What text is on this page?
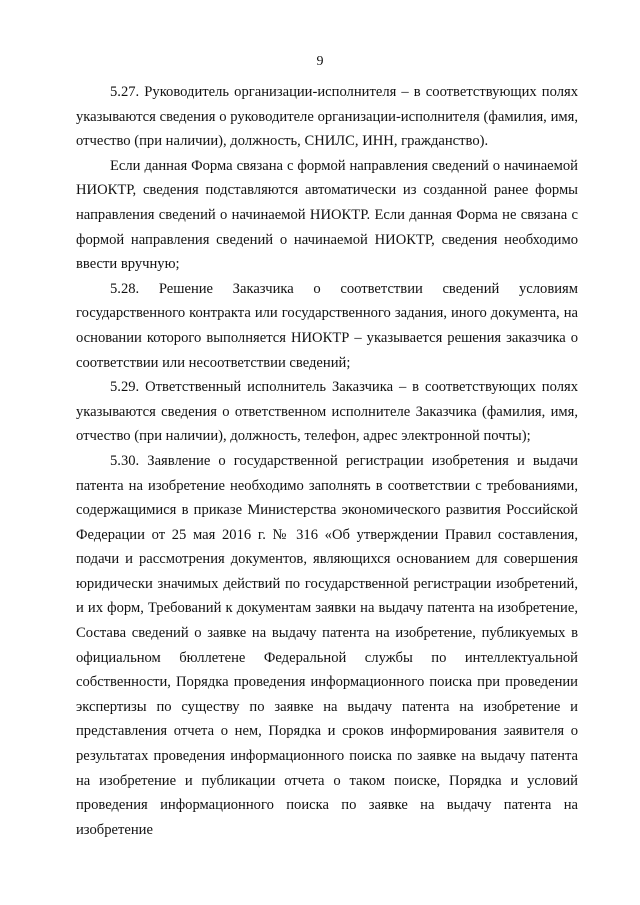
9

5.27. Руководитель организации-исполнителя – в соответствующих полях указываются сведения о руководителе организации-исполнителя (фамилия, имя, отчество (при наличии), должность, СНИЛС, ИНН, гражданство).

Если данная Форма связана с формой направления сведений о начинаемой НИОКТР, сведения подставляются автоматически из созданной ранее формы направления сведений о начинаемой НИОКТР. Если данная Форма не связана с формой направления сведений о начинаемой НИОКТР, сведения необходимо ввести вручную;

5.28. Решение Заказчика о соответствии сведений условиям государственного контракта или государственного задания, иного документа, на основании которого выполняется НИОКТР – указывается решения заказчика о соответствии или несоответствии сведений;

5.29. Ответственный исполнитель Заказчика – в соответствующих полях указываются сведения о ответственном исполнителе Заказчика (фамилия, имя, отчество (при наличии), должность, телефон, адрес электронной почты);

5.30. Заявление о государственной регистрации изобретения и выдачи патента на изобретение необходимо заполнять в соответствии с требованиями, содержащимися в приказе Министерства экономического развития Российской Федерации от 25 мая 2016 г. № 316 «Об утверждении Правил составления, подачи и рассмотрения документов, являющихся основанием для совершения юридически значимых действий по государственной регистрации изобретений, и их форм, Требований к документам заявки на выдачу патента на изобретение, Состава сведений о заявке на выдачу патента на изобретение, публикуемых в официальном бюллетене Федеральной службы по интеллектуальной собственности, Порядка проведения информационного поиска при проведении экспертизы по существу по заявке на выдачу патента на изобретение и представления отчета о нем, Порядка и сроков информирования заявителя о результатах проведения информационного поиска по заявке на выдачу патента на изобретение и публикации отчета о таком поиске, Порядка и условий проведения информационного поиска по заявке на выдачу патента на изобретение
